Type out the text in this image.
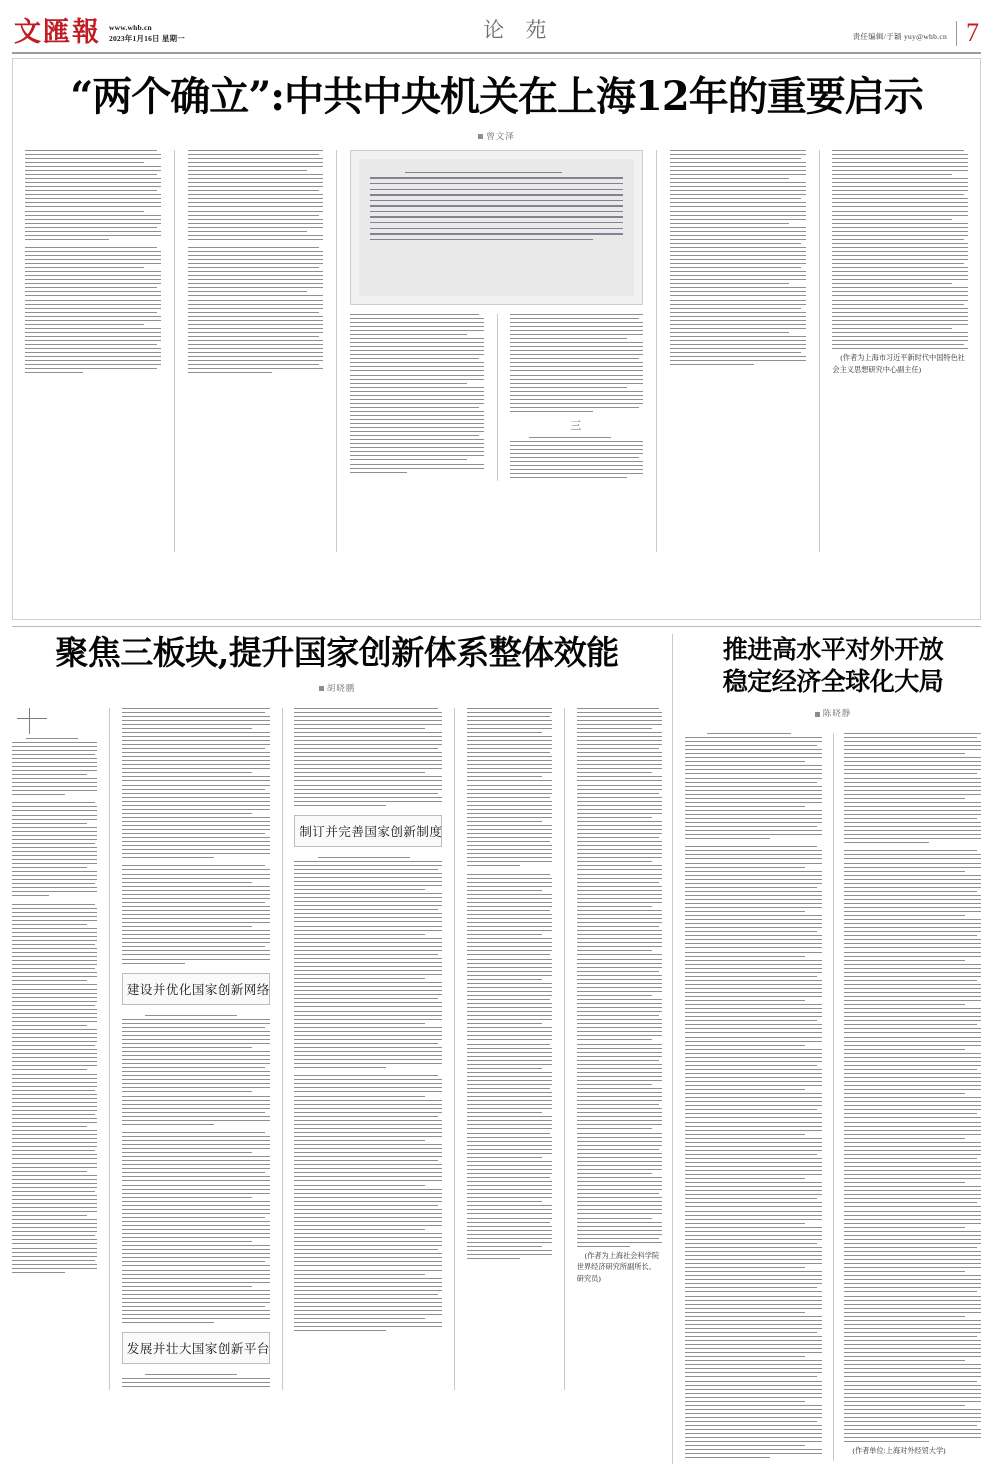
文匯報 www.whb.cn
2023年1月16日 星期一	论 苑	责任编辑/于颖 yuy@whb.cn 7
“两个确立”:中共中央机关在上海12年的重要启示
曾文泽
三
(作者为上海市习近平新时代中国特色社会主义思想研究中心副主任)
聚焦三板块,提升国家创新体系整体效能
胡晓鹏
建设并优化国家创新网络
发展并壮大国家创新平台
制订并完善国家创新制度
(作者为上海社会科学院世界经济研究所副所长、研究员)
推进高水平对外开放
稳定经济全球化大局
陈晓静
(作者单位:上海对外经贸大学)
